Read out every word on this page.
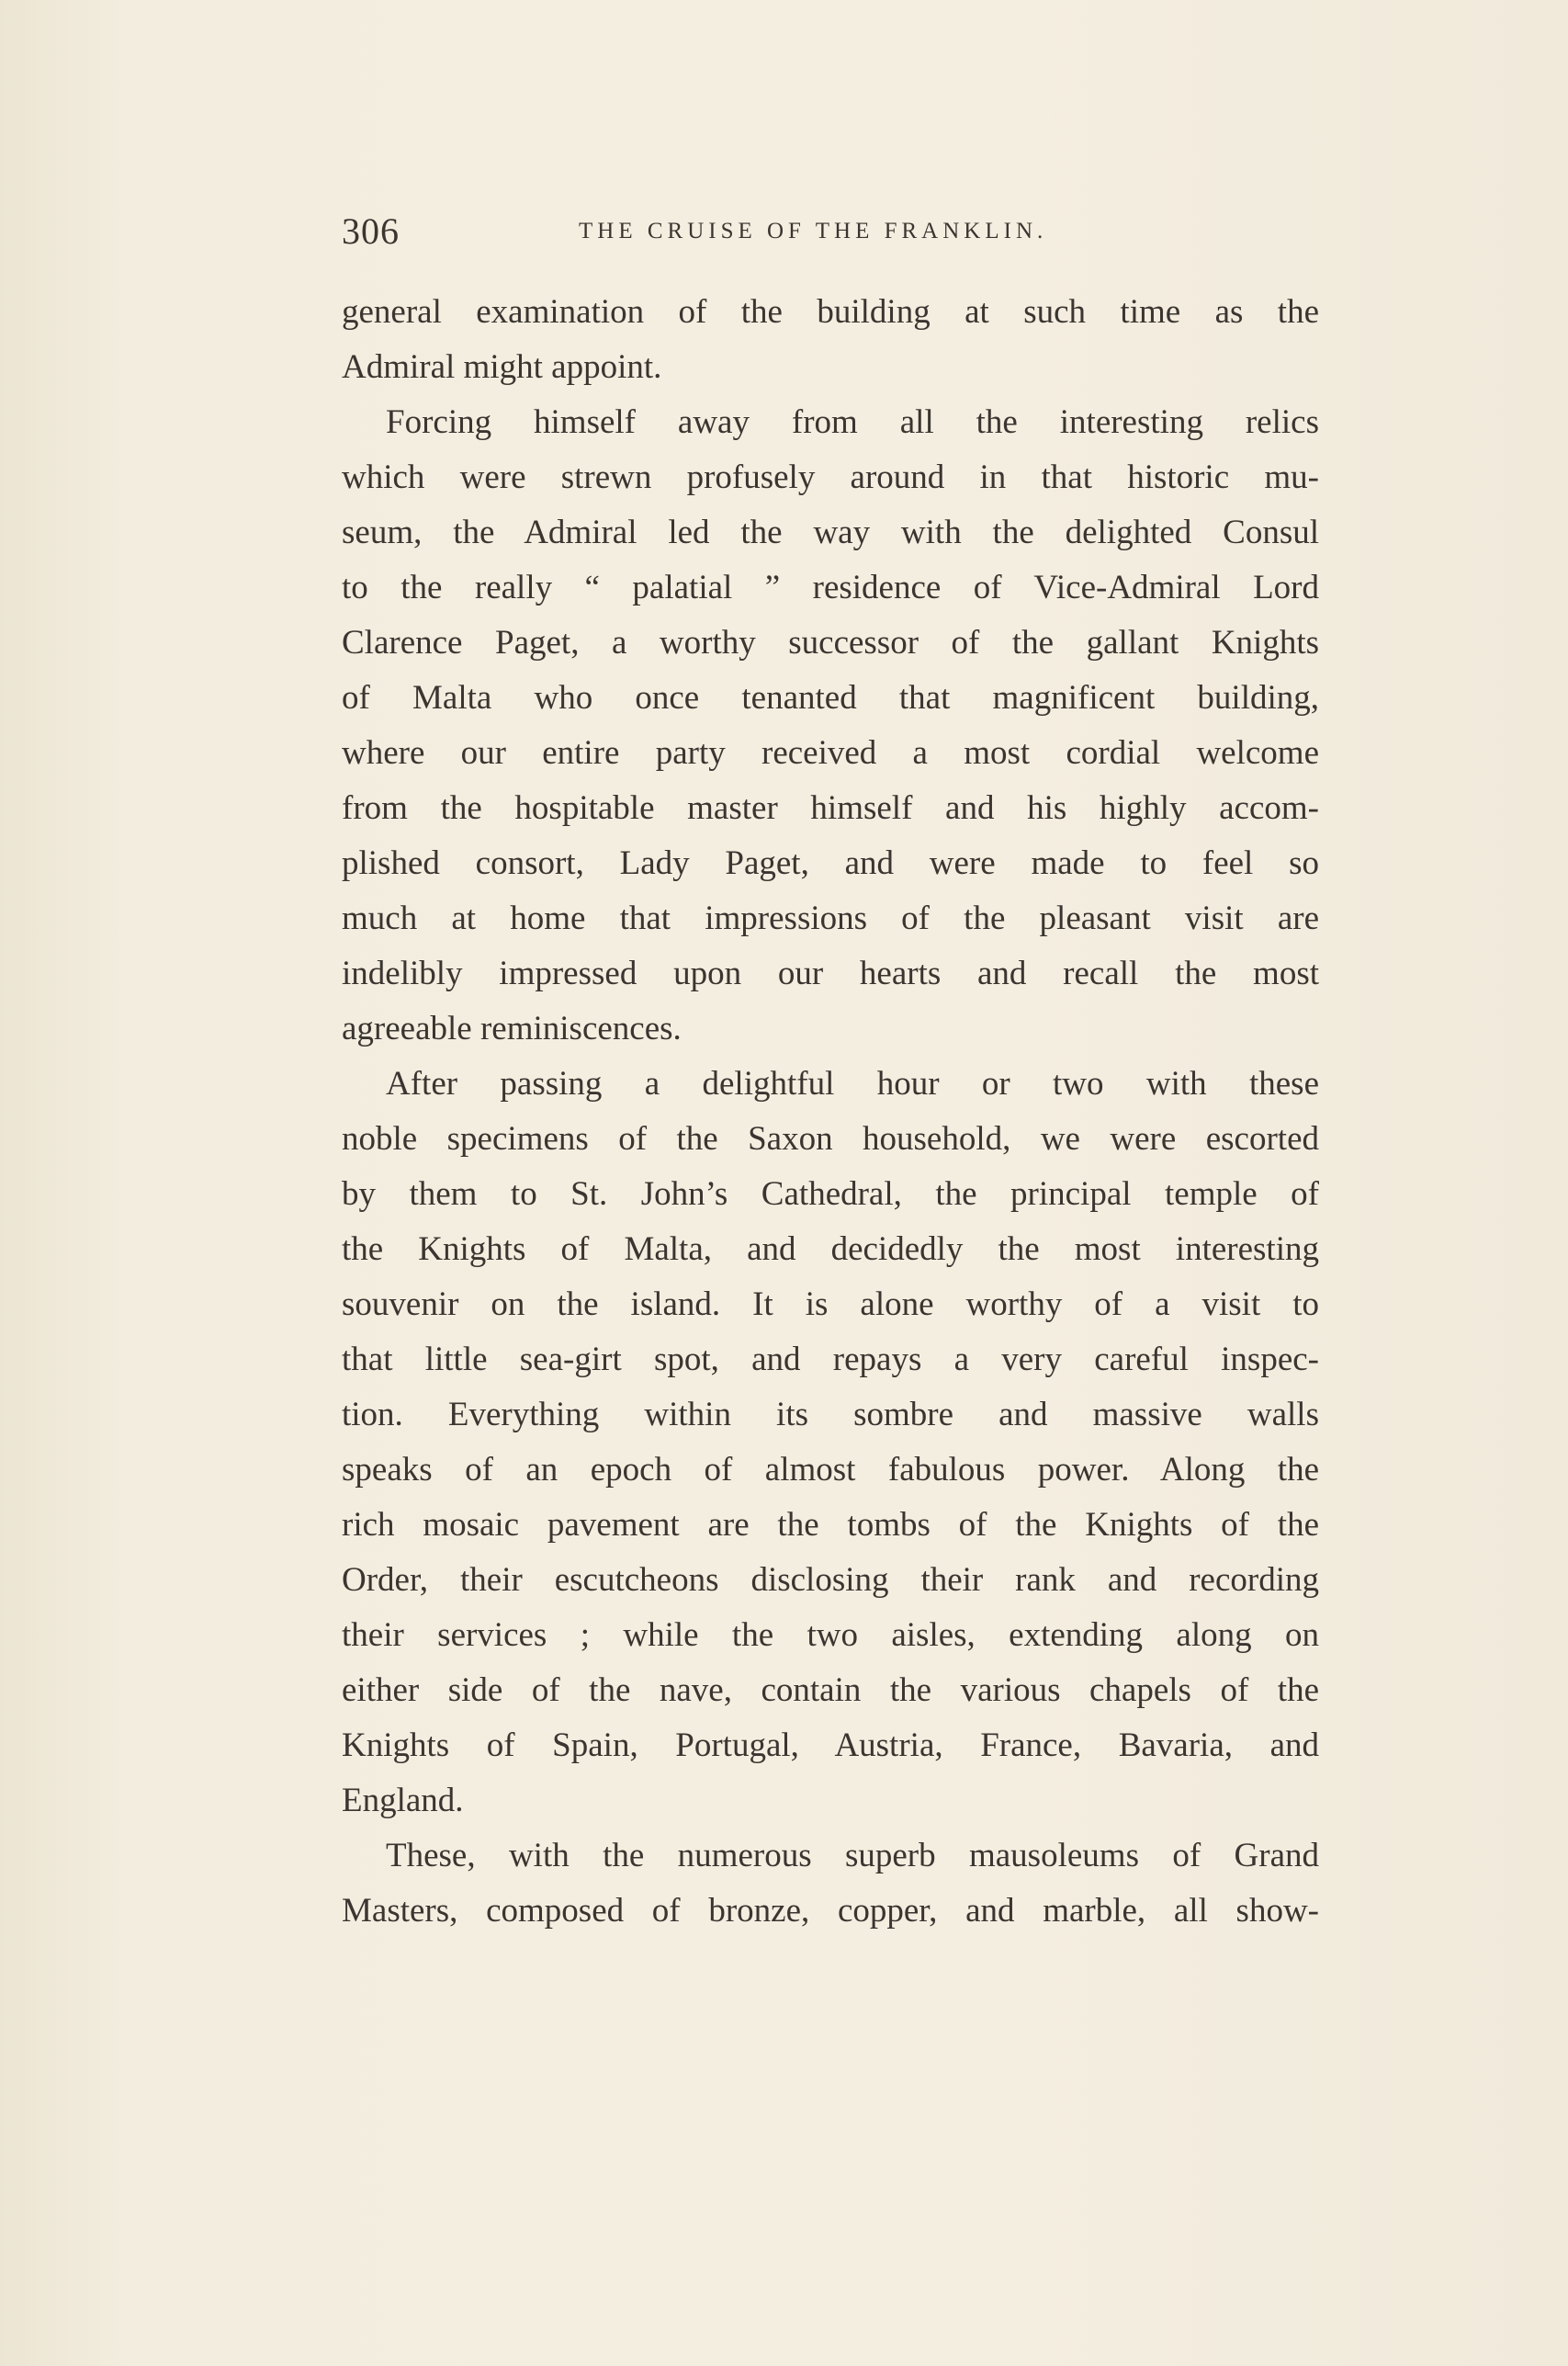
306	THE CRUISE OF THE FRANKLIN.
general examination of the building at such time as the
Admiral might appoint.
Forcing himself away from all the interesting relics
which were strewn profusely around in that historic mu-
seum, the Admiral led the way with the delighted Consul
to the really “ palatial ” residence of Vice-Admiral Lord
Clarence Paget, a worthy successor of the gallant Knights
of Malta who once tenanted that magnificent building,
where our entire party received a most cordial welcome
from the hospitable master himself and his highly accom-
plished consort, Lady Paget, and were made to feel so
much at home that impressions of the pleasant visit are
indelibly impressed upon our hearts and recall the most
agreeable reminiscences.
After passing a delightful hour or two with these
noble specimens of the Saxon household, we were escorted
by them to St. John’s Cathedral, the principal temple of
the Knights of Malta, and decidedly the most interesting
souvenir on the island. It is alone worthy of a visit to
that little sea-girt spot, and repays a very careful inspec-
tion. Everything within its sombre and massive walls
speaks of an epoch of almost fabulous power. Along the
rich mosaic pavement are the tombs of the Knights of the
Order, their escutcheons disclosing their rank and recording
their services ; while the two aisles, extending along on
either side of the nave, contain the various chapels of the
Knights of Spain, Portugal, Austria, France, Bavaria, and
England.
These, with the numerous superb mausoleums of Grand
Masters, composed of bronze, copper, and marble, all show-
